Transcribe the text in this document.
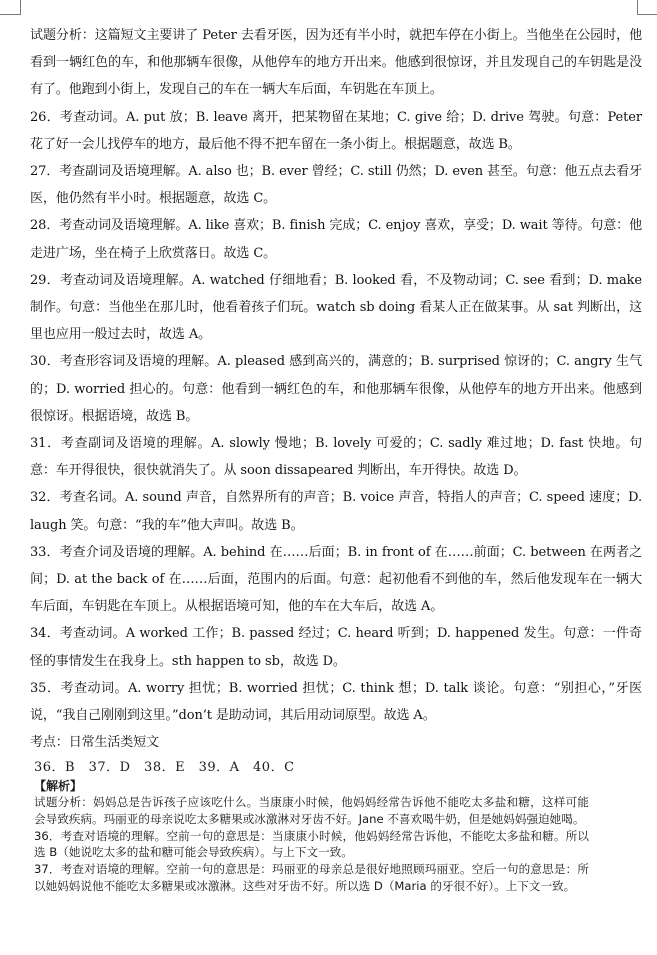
试题分析：这篇短文主要讲了 Peter 去看牙医，因为还有半小时，就把车停在小街上。当他坐在公园时，他看到一辆红色的车，和他那辆车很像，从他停车的地方开出来。他感到很惊讶，并且发现自己的车钥匙是没有了。他跑到小街上，发现自己的车在一辆大车后面，车钥匙在车顶上。

26．考查动词。A. put 放；B. leave 离开，把某物留在某地；C. give 给；D. drive 驾驶。句意：Peter 花了好一会儿找停车的地方，最后他不得不把车留在一条小街上。根据题意，故选 B。

27．考查副词及语境理解。A. also 也；B. ever 曾经；C. still 仍然；D. even 甚至。句意：他五点去看牙医，他仍然有半小时。根据题意，故选 C。

28．考查动词及语境理解。A. like 喜欢；B. finish 完成；C. enjoy 喜欢，享受；D. wait 等待。句意：他走进广场，坐在椅子上欣赏落日。故选 C。

29．考查动词及语境理解。A. watched 仔细地看；B. looked 看，不及物动词；C. see 看到；D. make 制作。句意：当他坐在那儿时，他看着孩子们玩。watch sb doing 看某人正在做某事。从 sat 判断出，这里也应用一般过去时，故选 A。

30．考查形容词及语境的理解。A. pleased 感到高兴的，满意的；B. surprised 惊讶的；C. angry 生气的；D. worried 担心的。句意：他看到一辆红色的车，和他那辆车很像，从他停车的地方开出来。他感到很惊讶。根据语境，故选 B。

31．考查副词及语境的理解。A. slowly 慢地；B. lovely 可爱的；C. sadly 难过地；D. fast 快地。句意：车开得很快，很快就消失了。从 soon dissapeared 判断出，车开得快。故选 D。

32．考查名词。A. sound 声音，自然界所有的声音；B. voice 声音，特指人的声音；C. speed 速度；D. laugh 笑。句意：“我的车”他大声叫。故选 B。

33．考查介词及语境的理解。A. behind 在……后面；B. in front of 在……前面；C. between 在两者之间；D. at the back of 在……后面，范围内的后面。句意：起初他看不到他的车，然后他发现车在一辆大车后面，车钥匙在车顶上。从根据语境可知，他的车在大车后，故选 A。

34．考查动词。A worked 工作；B. passed 经过；C. heard 听到；D. happened 发生。句意：一件奇怪的事情发生在我身上。sth happen to sb，故选 D。

35．考查动词。A. worry 担忧；B. worried 担忧；C. think 想；D. talk 谈论。句意：“别担心，”牙医说，“我自己刚刚到这里。”don’t 是助动词，其后用动词原型。故选 A。

考点：日常生活类短文

36．B　37．D　38．E　39．A　40．C
【解析】

试题分析：妈妈总是告诉孩子应该吃什么。当康康小时候，他妈妈经常告诉他不能吃太多盐和糖，这样可能会导致疾病。玛丽亚的母亲说吃太多糖果或冰激淋对牙齿不好。Jane 不喜欢喝牛奶，但是她妈妈强迫她喝。

36．考查对语境的理解。空前一句的意思是：当康康小时候，他妈妈经常告诉他，不能吃太多盐和糖。所以选 B（她说吃太多的盐和糖可能会导致疾病）。与上下文一致。

37．考查对语境的理解。空前一句的意思是：玛丽亚的母亲总是很好地照顾玛丽亚。空后一句的意思是：所以她妈妈说他不能吃太多糖果或冰激淋。这些对牙齿不好。所以选 D（Maria 的牙很不好）。上下文一致。
